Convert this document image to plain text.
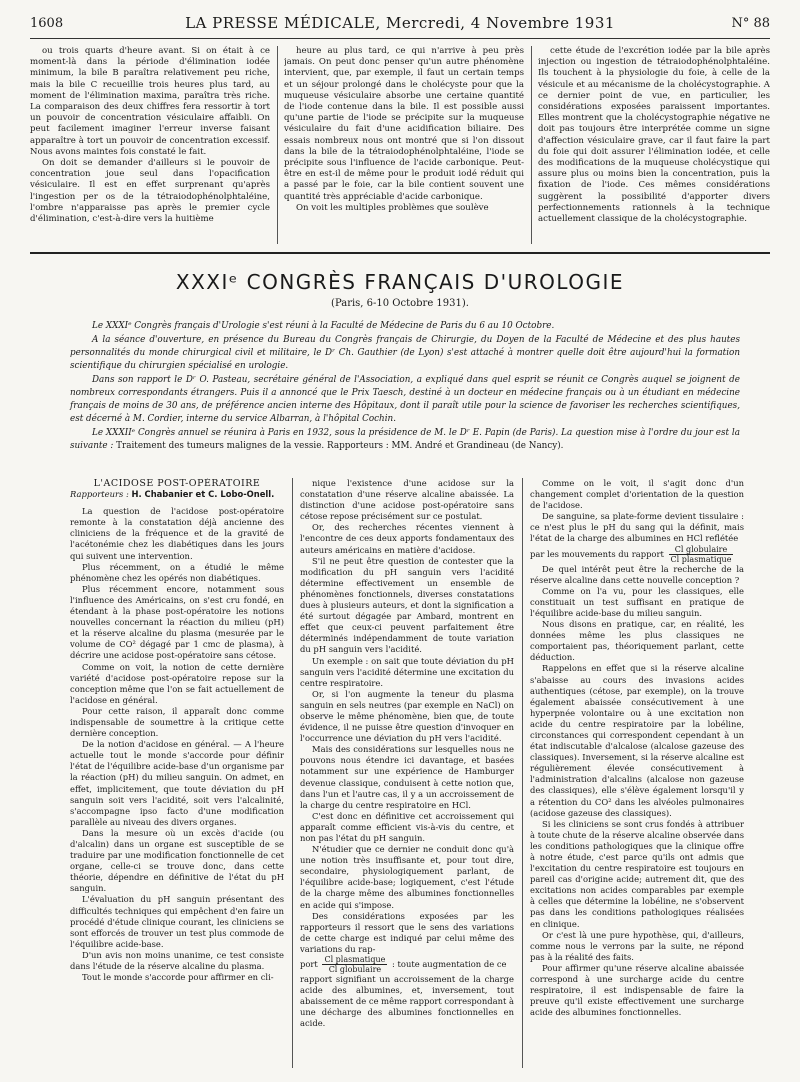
1608	LA PRESSE MÉDICALE, Mercredi, 4 Novembre 1931	N° 88

ou trois quarts d'heure avant. Si on était à ce moment-là dans la période d'élimination iodée minimum, la bile B paraîtra relativement peu riche, mais la bile C recueillie trois heures plus tard, au moment de l'élimination maxima, paraîtra très riche. La comparaison des deux chiffres fera ressortir à tort un pouvoir de concentration vésiculaire affaibli. On peut facilement imaginer l'erreur inverse faisant apparaître à tort un pouvoir de concentration excessif. Nous avons maintes fois constaté le fait.

On doit se demander d'ailleurs si le pouvoir de concentration joue seul dans l'opacification vésiculaire. Il est en effet surprenant qu'après l'ingestion per os de la tétraiodophénolphtaléine, l'ombre n'apparaisse pas après le premier cycle d'élimination, c'est-à-dire vers la huitième

heure au plus tard, ce qui n'arrive à peu près jamais. On peut donc penser qu'un autre phénomène intervient, que, par exemple, il faut un certain temps et un séjour prolongé dans le cholécyste pour que la muqueuse vésiculaire absorbe une certaine quantité de l'iode contenue dans la bile. Il est possible aussi qu'une partie de l'iode se précipite sur la muqueuse vésiculaire du fait d'une acidification biliaire. Des essais nombreux nous ont montré que si l'on dissout dans la bile de la tétraiodophénolphtaléine, l'iode se précipite sous l'influence de l'acide carbonique. Peut-être en est-il de même pour le produit iodé réduit qui a passé par le foie, car la bile contient souvent une quantité très appréciable d'acide carbonique.

On voit les multiples problèmes que soulève

cette étude de l'excrétion iodée par la bile après injection ou ingestion de tétraiodophénolphtaléine. Ils touchent à la physiologie du foie, à celle de la vésicule et au mécanisme de la cholécystographie. A ce dernier point de vue, en particulier, les considérations exposées paraissent importantes. Elles montrent que la cholécystographie négative ne doit pas toujours être interprétée comme un signe d'affection vésiculaire grave, car il faut faire la part du foie qui doit assurer l'élimination iodée, et celle des modifications de la muqueuse cholécystique qui assure plus ou moins bien la concentration, puis la fixation de l'iode. Ces mêmes considérations suggèrent la possibilité d'apporter divers perfectionnements rationnels à la technique actuellement classique de la cholécystographie.

XXXIᵉ CONGRÈS FRANÇAIS D'UROLOGIE
(Paris, 6-10 Octobre 1931).

Le XXXIᵉ Congrès français d'Urologie s'est réuni à la Faculté de Médecine de Paris du 6 au 10 Octobre.

A la séance d'ouverture, en présence du Bureau du Congrès français de Chirurgie, du Doyen de la Faculté de Médecine et des plus hautes personnalités du monde chirurgical civil et militaire, le Dʳ Ch. Gauthier (de Lyon) s'est attaché à montrer quelle doit être aujourd'hui la formation scientifique du chirurgien spécialisé en urologie.

Dans son rapport le Dʳ O. Pasteau, secrétaire général de l'Association, a expliqué dans quel esprit se réunit ce Congrès auquel se joignent de nombreux correspondants étrangers. Puis il a annoncé que le Prix Taesch, destiné à un docteur en médecine français ou à un étudiant en médecine français de moins de 30 ans, de préférence ancien interne des Hôpitaux, dont il paraît utile pour la science de favoriser les recherches scientifiques, est décerné à M. Cordier, interne du service Albarran, à l'hôpital Cochin.

Le XXXIIᵉ Congrès annuel se réunira à Paris en 1932, sous la présidence de M. le Dʳ E. Papin (de Paris). La question mise à l'ordre du jour est la suivante : Traitement des tumeurs malignes de la vessie. Rapporteurs : MM. André et Grandineau (de Nancy).

L'ACIDOSE POST-OPÉRATOIRE

Rapporteurs : H. Chabanier et C. Lobo-Onell.

La question de l'acidose post-opératoire remonte à la constatation déjà ancienne des cliniciens de la fréquence et de la gravité de l'acétonémie chez les diabétiques dans les jours qui suivent une intervention.

Plus récemment, on a étudié le même phénomène chez les opérés non diabétiques.

Plus récemment encore, notamment sous l'influence des Américains, on s'est cru fondé, en étendant à la phase post-opératoire les notions nouvelles concernant la réaction du milieu (pH) et la réserve alcaline du plasma (mesurée par le volume de CO² dégagé par 1 cmc de plasma), à décrire une acidose post-opératoire sans cétose.

Comme on voit, la notion de cette dernière variété d'acidose post-opératoire repose sur la conception même que l'on se fait actuellement de l'acidose en général.

Pour cette raison, il apparaît donc comme indispensable de soumettre à la critique cette dernière conception.

De la notion d'acidose en général. — A l'heure actuelle tout le monde s'accorde pour définir l'état de l'équilibre acide-base d'un organisme par la réaction (pH) du milieu sanguin. On admet, en effet, implicitement, que toute déviation du pH sanguin soit vers l'acidité, soit vers l'alcalinité, s'accompagne ipso facto d'une modification parallèle au niveau des divers organes.

Dans la mesure où un excès d'acide (ou d'alcalin) dans un organe est susceptible de se traduire par une modification fonctionnelle de cet organe, celle-ci se trouve donc, dans cette théorie, dépendre en définitive de l'état du pH sanguin.

L'évaluation du pH sanguin présentant des difficultés techniques qui empêchent d'en faire un procédé d'étude clinique courant, les cliniciens se sont efforcés de trouver un test plus commode de l'équilibre acide-base.

D'un avis non moins unanime, ce test consiste dans l'étude de la réserve alcaline du plasma.

Tout le monde s'accorde pour affirmer en cli-

nique l'existence d'une acidose sur la constatation d'une réserve alcaline abaissée. La distinction d'une acidose post-opératoire sans cétose repose précisément sur ce postulat.

Or, des recherches récentes viennent à l'encontre de ces deux apports fondamentaux des auteurs américains en matière d'acidose.

S'il ne peut être question de contester que la modification du pH sanguin vers l'acidité détermine effectivement un ensemble de phénomènes fonctionnels, diverses constatations dues à plusieurs auteurs, et dont la signification a été surtout dégagée par Ambard, montrent en effet que ceux-ci peuvent parfaitement être déterminés indépendamment de toute variation du pH sanguin vers l'acidité.

Un exemple : on sait que toute déviation du pH sanguin vers l'acidité détermine une excitation du centre respiratoire.

Or, si l'on augmente la teneur du plasma sanguin en sels neutres (par exemple en NaCl) on observe le même phénomène, bien que, de toute évidence, il ne puisse être question d'invoquer en l'occurrence une déviation du pH vers l'acidité.

Mais des considérations sur lesquelles nous ne pouvons nous étendre ici davantage, et basées notamment sur une expérience de Hamburger devenue classique, conduisent à cette notion que, dans l'un et l'autre cas, il y a un accroissement de la charge du centre respiratoire en HCl.

C'est donc en définitive cet accroissement qui apparaît comme efficient vis-à-vis du centre, et non pas l'état du pH sanguin.

N'étudier que ce dernier ne conduit donc qu'à une notion très insuffisante et, pour tout dire, secondaire, physiologiquement parlant, de l'équilibre acide-base; logiquement, c'est l'étude de la charge même des albumines fonctionnelles en acide qui s'impose.

Des considérations exposées par les rapporteurs il ressort que le sens des variations de cette charge est indiqué par celui même des variations du rap-

port $\frac{\text{Cl plasmatique}}{\text{Cl globulaire}}$ : toute augmentation de ce

rapport signifiant un accroissement de la charge acide des albumines, et, inversement, tout abaissement de ce même rapport correspondant à une décharge des albumines fonctionnelles en acide.

Comme on le voit, il s'agit donc d'un changement complet d'orientation de la question de l'acidose.

De sanguine, sa plate-forme devient tissulaire : ce n'est plus le pH du sang qui la définit, mais l'état de la charge des albumines en HCl reflétée

par les mouvements du rapport $\frac{\text{Cl globulaire}}{\text{Cl plasmatique}}$

De quel intérêt peut être la recherche de la réserve alcaline dans cette nouvelle conception ?

Comme on l'a vu, pour les classiques, elle constituait un test suffisant en pratique de l'équilibre acide-base du milieu sanguin.

Nous disons en pratique, car, en réalité, les données même les plus classiques ne comportaient pas, théoriquement parlant, cette déduction.

Rappelons en effet que si la réserve alcaline s'abaisse au cours des invasions acides authentiques (cétose, par exemple), on la trouve également abaissée consécutivement à une hyperpnée volontaire ou à une excitation non acide du centre respiratoire par la lobéline, circonstances qui correspondent cependant à un état indiscutable d'alcalose (alcalose gazeuse des classiques). Inversement, si la réserve alcaline est régulièrement élevée consécutivement à l'administration d'alcalins (alcalose non gazeuse des classiques), elle s'élève également lorsqu'il y a rétention du CO² dans les alvéoles pulmonaires (acidose gazeuse des classiques).

Si les cliniciens se sont crus fondés à attribuer à toute chute de la réserve alcaline observée dans les conditions pathologiques que la clinique offre à notre étude, c'est parce qu'ils ont admis que l'excitation du centre respiratoire est toujours en pareil cas d'origine acide; autrement dit, que des excitations non acides comparables par exemple à celles que détermine la lobéline, ne s'observent pas dans les conditions pathologiques réalisées en clinique.

Or c'est là une pure hypothèse, qui, d'ailleurs, comme nous le verrons par la suite, ne répond pas à la réalité des faits.

Pour affirmer qu'une réserve alcaline abaissée correspond à une surcharge acide du centre respiratoire, il est indispensable de faire la preuve qu'il existe effectivement une surcharge acide des albumines fonctionnelles.
